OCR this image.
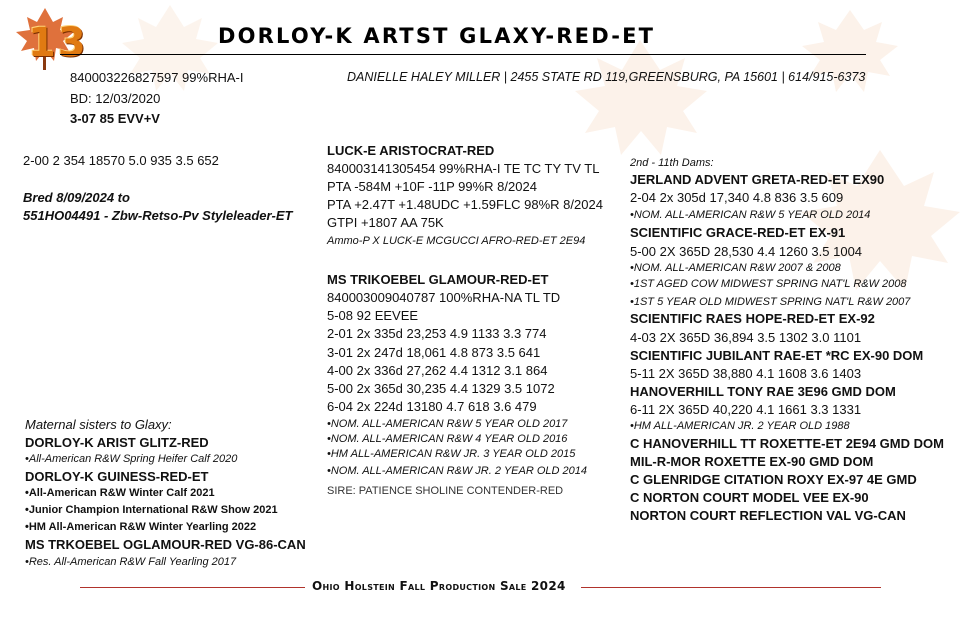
13	DORLOY-K ARTST GLAXY-RED-ET
840003226827597 99%RHA-I
BD: 12/03/2020
3-07 85 EVV+V
2-00 2 354 18570 5.0 935 3.5 652
Bred 8/09/2024 to
551HO04491 - Zbw-Retso-Pv Styleleader-ET
DANIELLE HALEY MILLER | 2455 STATE RD 119,GREENSBURG, PA 15601 | 614/915-6373
LUCK-E ARISTOCRAT-RED
840003141305454 99%RHA-I TE TC TY TV TL
PTA -584M +10F -11P 99%R 8/2024
PTA +2.47T +1.48UDC +1.59FLC 98%R 8/2024
GTPI +1807 AA 75K
Ammo-P X LUCK-E MCGUCCI AFRO-RED-ET 2E94
MS TRIKOEBEL GLAMOUR-RED-ET
840003009040787 100%RHA-NA TL TD
5-08 92 EEVEE
2-01 2x 335d 23,253 4.9 1133 3.3 774
3-01 2x 247d 18,061 4.8 873 3.5 641
4-00 2x 336d 27,262 4.4 1312 3.1 864
5-00 2x 365d 30,235 4.4 1329 3.5 1072
6-04 2x 224d 13180 4.7 618 3.6 479
•NOM. ALL-AMERICAN R&W 5 YEAR OLD 2017
•NOM. ALL-AMERICAN R&W 4 YEAR OLD 2016
•HM ALL-AMERICAN R&W JR. 3 YEAR OLD 2015
•NOM. ALL-AMERICAN R&W JR. 2 YEAR OLD 2014
SIRE: PATIENCE SHOLINE CONTENDER-RED
Maternal sisters to Glaxy:
DORLOY-K ARIST GLITZ-RED
•All-American R&W Spring Heifer Calf 2020
DORLOY-K GUINESS-RED-ET
•All-American R&W Winter Calf 2021
•Junior Champion International R&W Show 2021
•HM All-American R&W Winter Yearling 2022
MS TRKOEBEL OGLAMOUR-RED VG-86-CAN
•Res. All-American R&W Fall Yearling 2017
2nd - 11th Dams:
JERLAND ADVENT GRETA-RED-ET EX90
2-04 2x 305d 17,340 4.8 836 3.5 609
•NOM. ALL-AMERICAN R&W 5 YEAR OLD 2014
SCIENTIFIC GRACE-RED-ET EX-91
5-00 2X 365D 28,530 4.4 1260 3.5 1004
•NOM. ALL-AMERICAN R&W 2007 & 2008
•1ST AGED COW MIDWEST SPRING NAT'L R&W 2008
•1ST 5 YEAR OLD MIDWEST SPRING NAT'L R&W 2007
SCIENTIFIC RAES HOPE-RED-ET EX-92
4-03 2X 365D 36,894 3.5 1302 3.0 1101
SCIENTIFIC JUBILANT RAE-ET *RC EX-90 DOM
5-11 2X 365D 38,880 4.1 1608 3.6 1403
HANOVERHILL TONY RAE 3E96 GMD DOM
6-11 2X 365D 40,220 4.1 1661 3.3 1331
•HM ALL-AMERICAN JR. 2 YEAR OLD 1988
C HANOVERHILL TT ROXETTE-ET 2E94 GMD DOM
MIL-R-MOR ROXETTE EX-90 GMD DOM
C GLENRIDGE CITATION ROXY EX-97 4E GMD
C NORTON COURT MODEL VEE EX-90
NORTON COURT REFLECTION VAL VG-CAN
Ohio Holstein Fall Production Sale 2024
